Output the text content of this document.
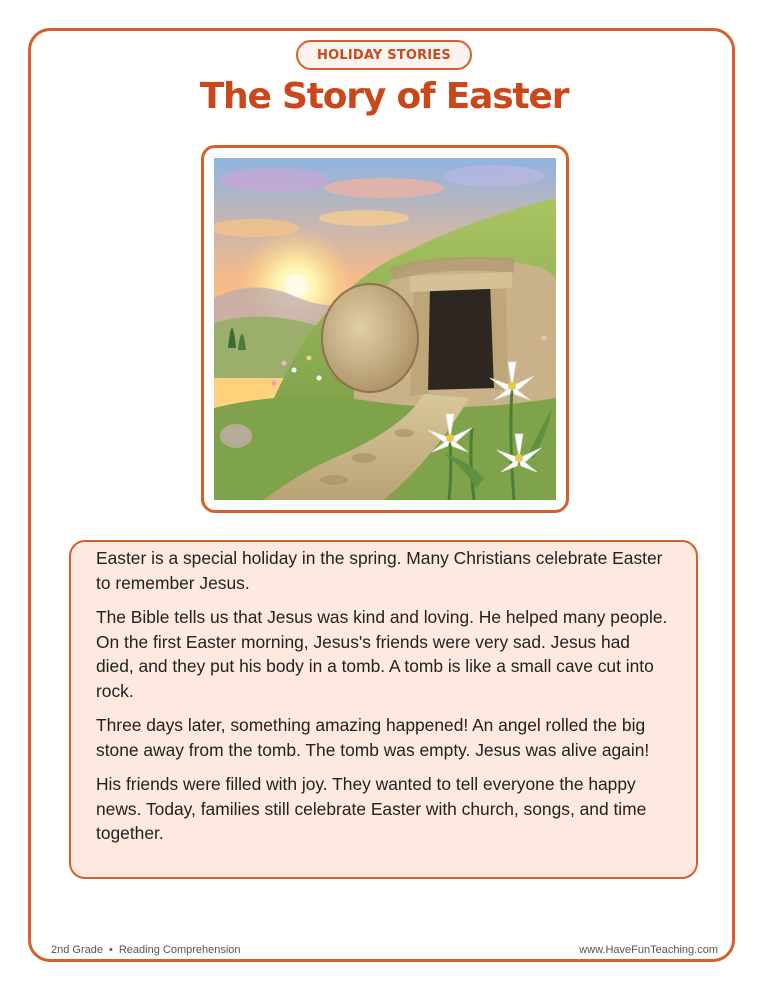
HOLIDAY STORIES
The Story of Easter

Easter is a special holiday in the spring. Many Christians celebrate Easter to remember Jesus.

The Bible tells us that Jesus was kind and loving. He helped many people. On the first Easter morning, Jesus's friends were very sad. Jesus had died, and they put his body in a tomb. A tomb is like a small cave cut into rock.

Three days later, something amazing happened! An angel rolled the big stone away from the tomb. The tomb was empty. Jesus was alive again!

His friends were filled with joy. They wanted to tell everyone the happy news. Today, families still celebrate Easter with church, songs, and time together.

2nd Grade • Reading Comprehension	www.HaveFunTeaching.com
